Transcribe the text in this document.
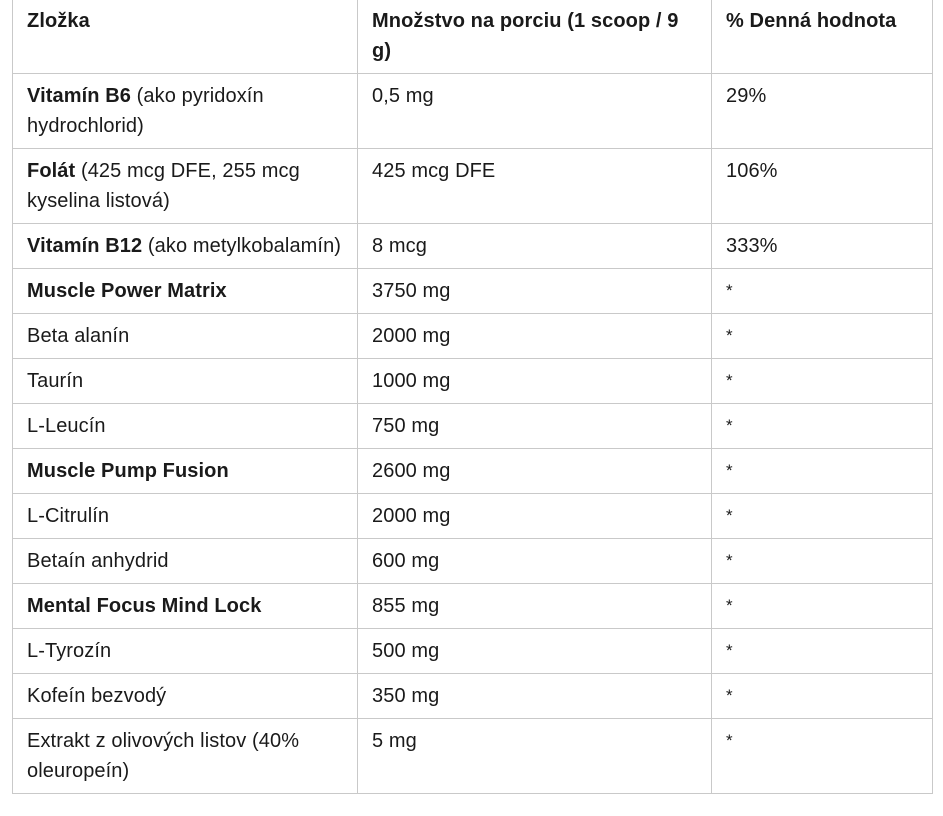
Zložka	Množstvo na porciu (1 scoop / 9 g)	% Denná hodnota
Vitamín B6 (ako pyridoxín hydrochlorid)	0,5 mg	29%
Folát (425 mcg DFE, 255 mcg kyselina listová)	425 mcg DFE	106%
Vitamín B12 (ako metylkobalamín)	8 mcg	333%
Muscle Power Matrix	3750 mg	*
Beta alanín	2000 mg	*
Taurín	1000 mg	*
L-Leucín	750 mg	*
Muscle Pump Fusion	2600 mg	*
L-Citrulín	2000 mg	*
Betaín anhydrid	600 mg	*
Mental Focus Mind Lock	855 mg	*
L-Tyrozín	500 mg	*
Kofeín bezvodý	350 mg	*
Extrakt z olivových listov (40% oleuropeín)	5 mg	*
